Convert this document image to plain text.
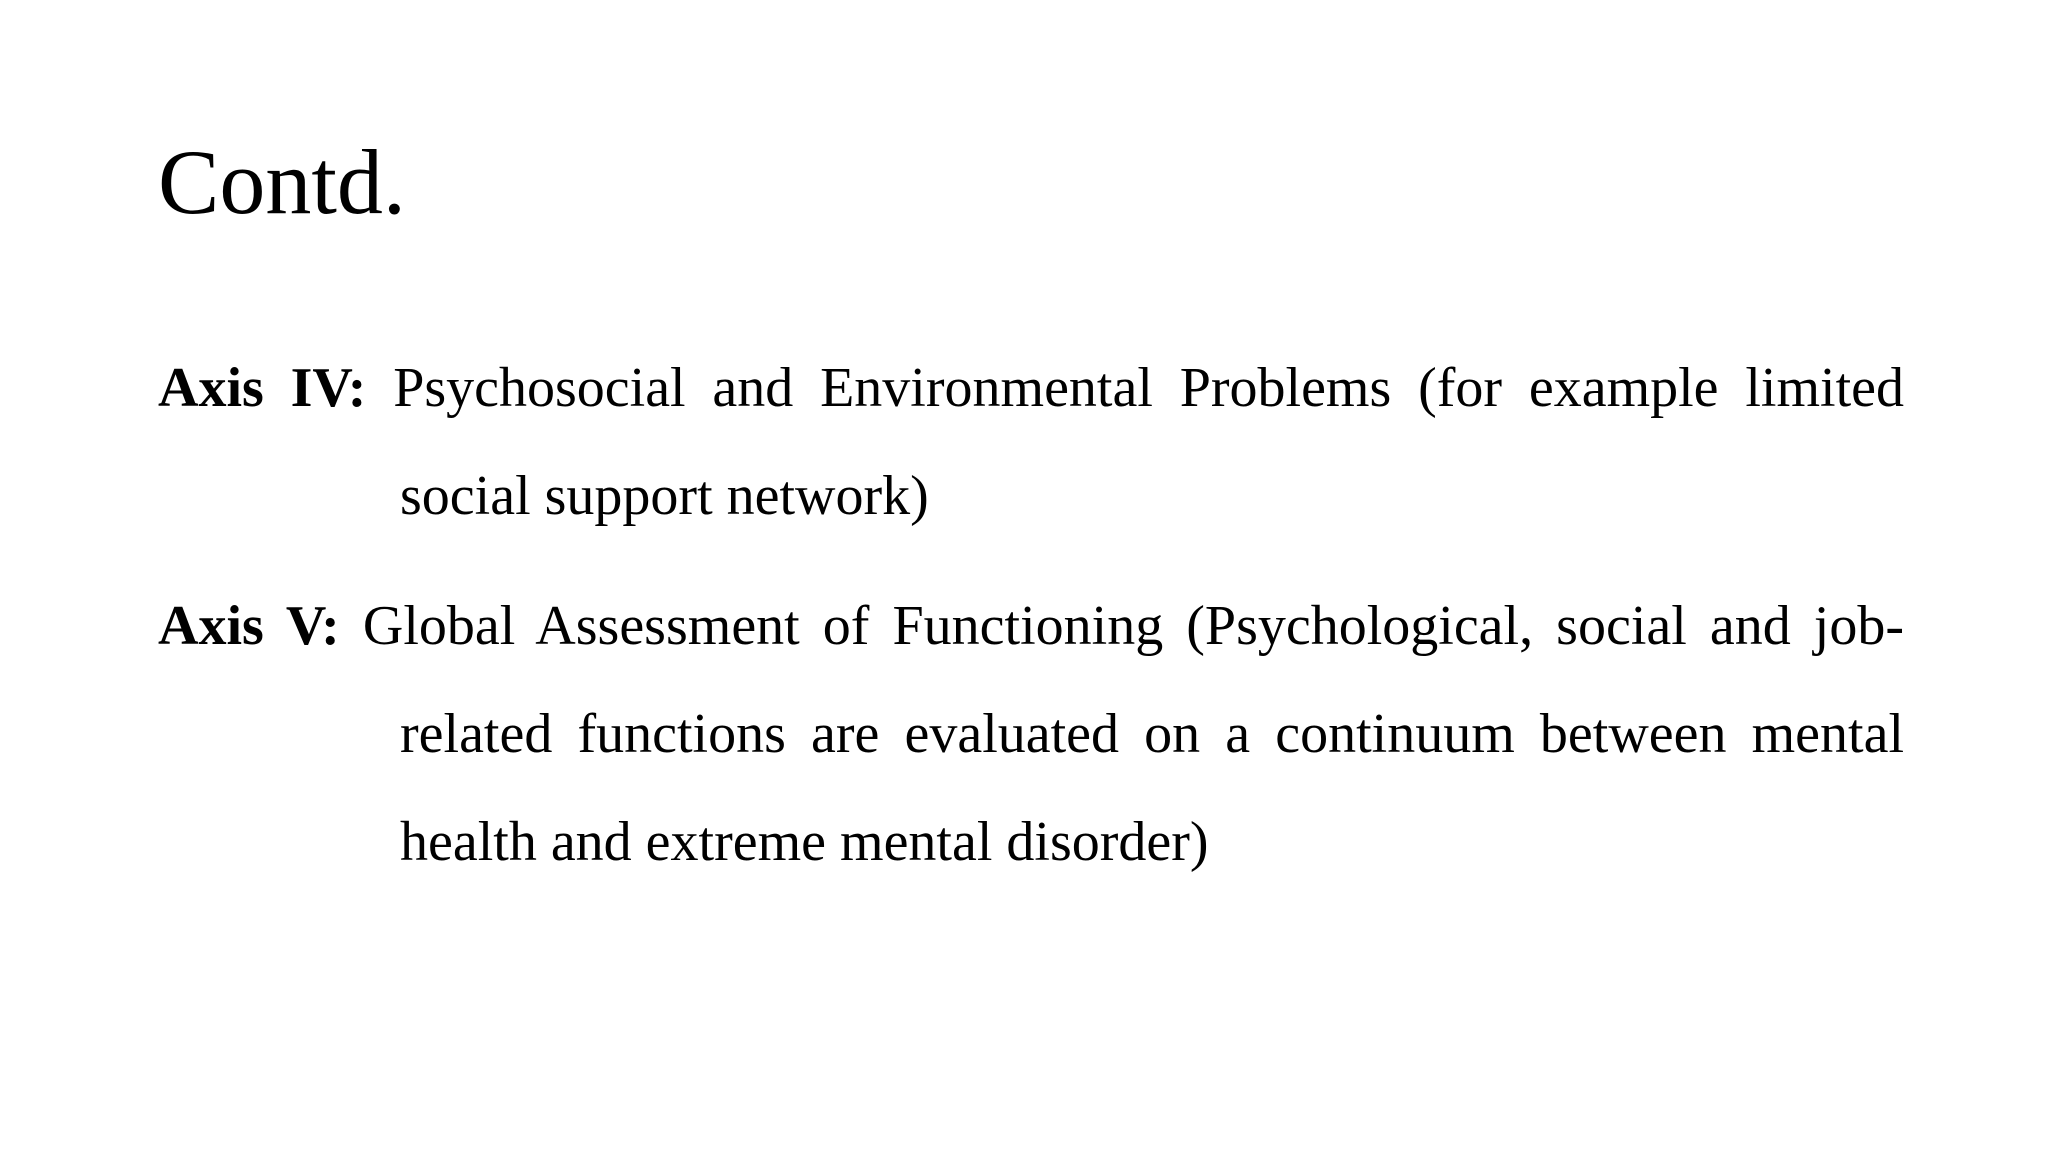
Contd.

Axis IV: Psychosocial and Environmental Problems (for example limited social support network)

Axis V: Global Assessment of Functioning (Psychological, social and job-related functions are evaluated on a continuum between mental health and extreme mental disorder)
